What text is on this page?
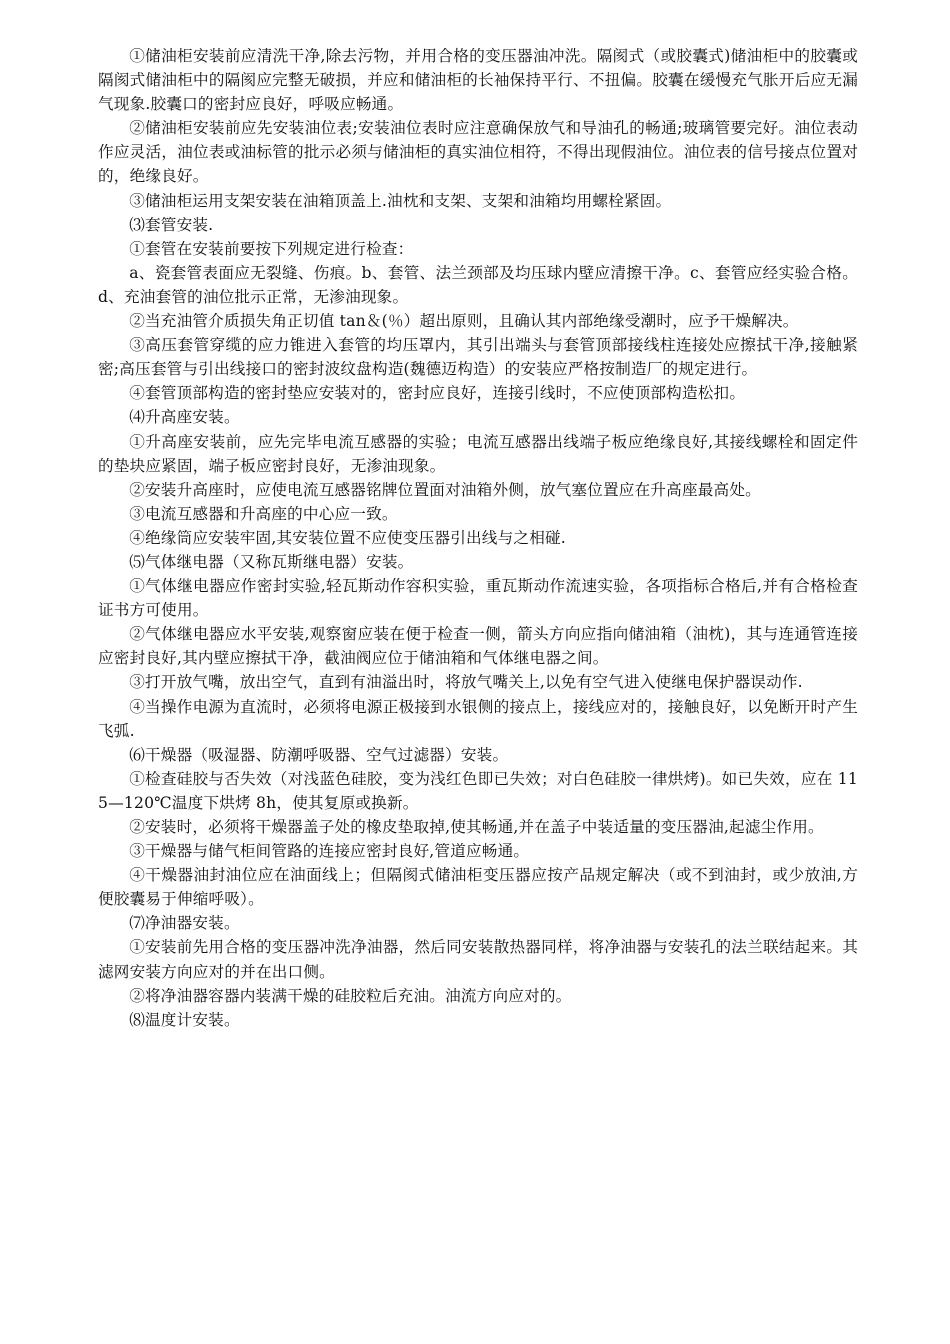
①储油柜安装前应清洗干净,除去污物，并用合格的变压器油冲洗。隔阂式（或胶囊式)储油柜中的胶囊或隔阂式储油柜中的隔阂应完整无破损，并应和储油柜的长袖保持平行、不扭偏。胶囊在缓慢充气胀开后应无漏气现象.胶囊口的密封应良好，呼吸应畅通。

②储油柜安装前应先安装油位表;安装油位表时应注意确保放气和导油孔的畅通;玻璃管要完好。油位表动作应灵活，油位表或油标管的批示必须与储油柜的真实油位相符，不得出现假油位。油位表的信号接点位置对的，绝缘良好。

③储油柜运用支架安装在油箱顶盖上.油枕和支架、支架和油箱均用螺栓紧固。

⑶套管安装.

①套管在安装前要按下列规定进行检查：

a、瓷套管表面应无裂缝、伤痕。b、套管、法兰颈部及均压球内壁应清擦干净。c、套管应经实验合格。d、充油套管的油位批示正常，无渗油现象。

②当充油管介质损失角正切值 tan＆(％）超出原则，且确认其内部绝缘受潮时，应予干燥解决。

③高压套管穿缆的应力锥进入套管的均压罩内，其引出端头与套管顶部接线柱连接处应擦拭干净,接触紧密;高压套管与引出线接口的密封波纹盘构造(魏德迈构造）的安装应严格按制造厂的规定进行。

④套管顶部构造的密封垫应安装对的，密封应良好，连接引线时，不应使顶部构造松扣。

⑷升高座安装。

①升高座安装前，应先完毕电流互感器的实验；电流互感器出线端子板应绝缘良好,其接线螺栓和固定件的垫块应紧固，端子板应密封良好，无渗油现象。

②安装升高座时，应使电流互感器铭牌位置面对油箱外侧，放气塞位置应在升高座最高处。

③电流互感器和升高座的中心应一致。

④绝缘筒应安装牢固,其安装位置不应使变压器引出线与之相碰.

⑸气体继电器（又称瓦斯继电器）安装。

①气体继电器应作密封实验,轻瓦斯动作容积实验，重瓦斯动作流速实验，各项指标合格后,并有合格检查证书方可使用。

②气体继电器应水平安装,观察窗应装在便于检查一侧，箭头方向应指向储油箱（油枕)，其与连通管连接应密封良好,其内壁应擦拭干净，截油阀应位于储油箱和气体继电器之间。

③打开放气嘴，放出空气，直到有油溢出时，将放气嘴关上,以免有空气进入使继电保护器误动作.

④当操作电源为直流时，必须将电源正极接到水银侧的接点上，接线应对的，接触良好，以免断开时产生飞弧.

⑹干燥器（吸湿器、防潮呼吸器、空气过滤器）安装。

①检查硅胶与否失效（对浅蓝色硅胶，变为浅红色即已失效；对白色硅胶一律烘烤)。如已失效，应在 115—120℃温度下烘烤 8h，使其复原或换新。

②安装时，必须将干燥器盖子处的橡皮垫取掉,使其畅通,并在盖子中装适量的变压器油,起滤尘作用。

③干燥器与储气柜间管路的连接应密封良好,管道应畅通。

④干燥器油封油位应在油面线上；但隔阂式储油柜变压器应按产品规定解决（或不到油封，或少放油,方便胶囊易于伸缩呼吸）。

⑺净油器安装。

①安装前先用合格的变压器冲洗净油器，然后同安装散热器同样，将净油器与安装孔的法兰联结起来。其滤网安装方向应对的并在出口侧。

②将净油器容器内装满干燥的硅胶粒后充油。油流方向应对的。

⑻温度计安装。
